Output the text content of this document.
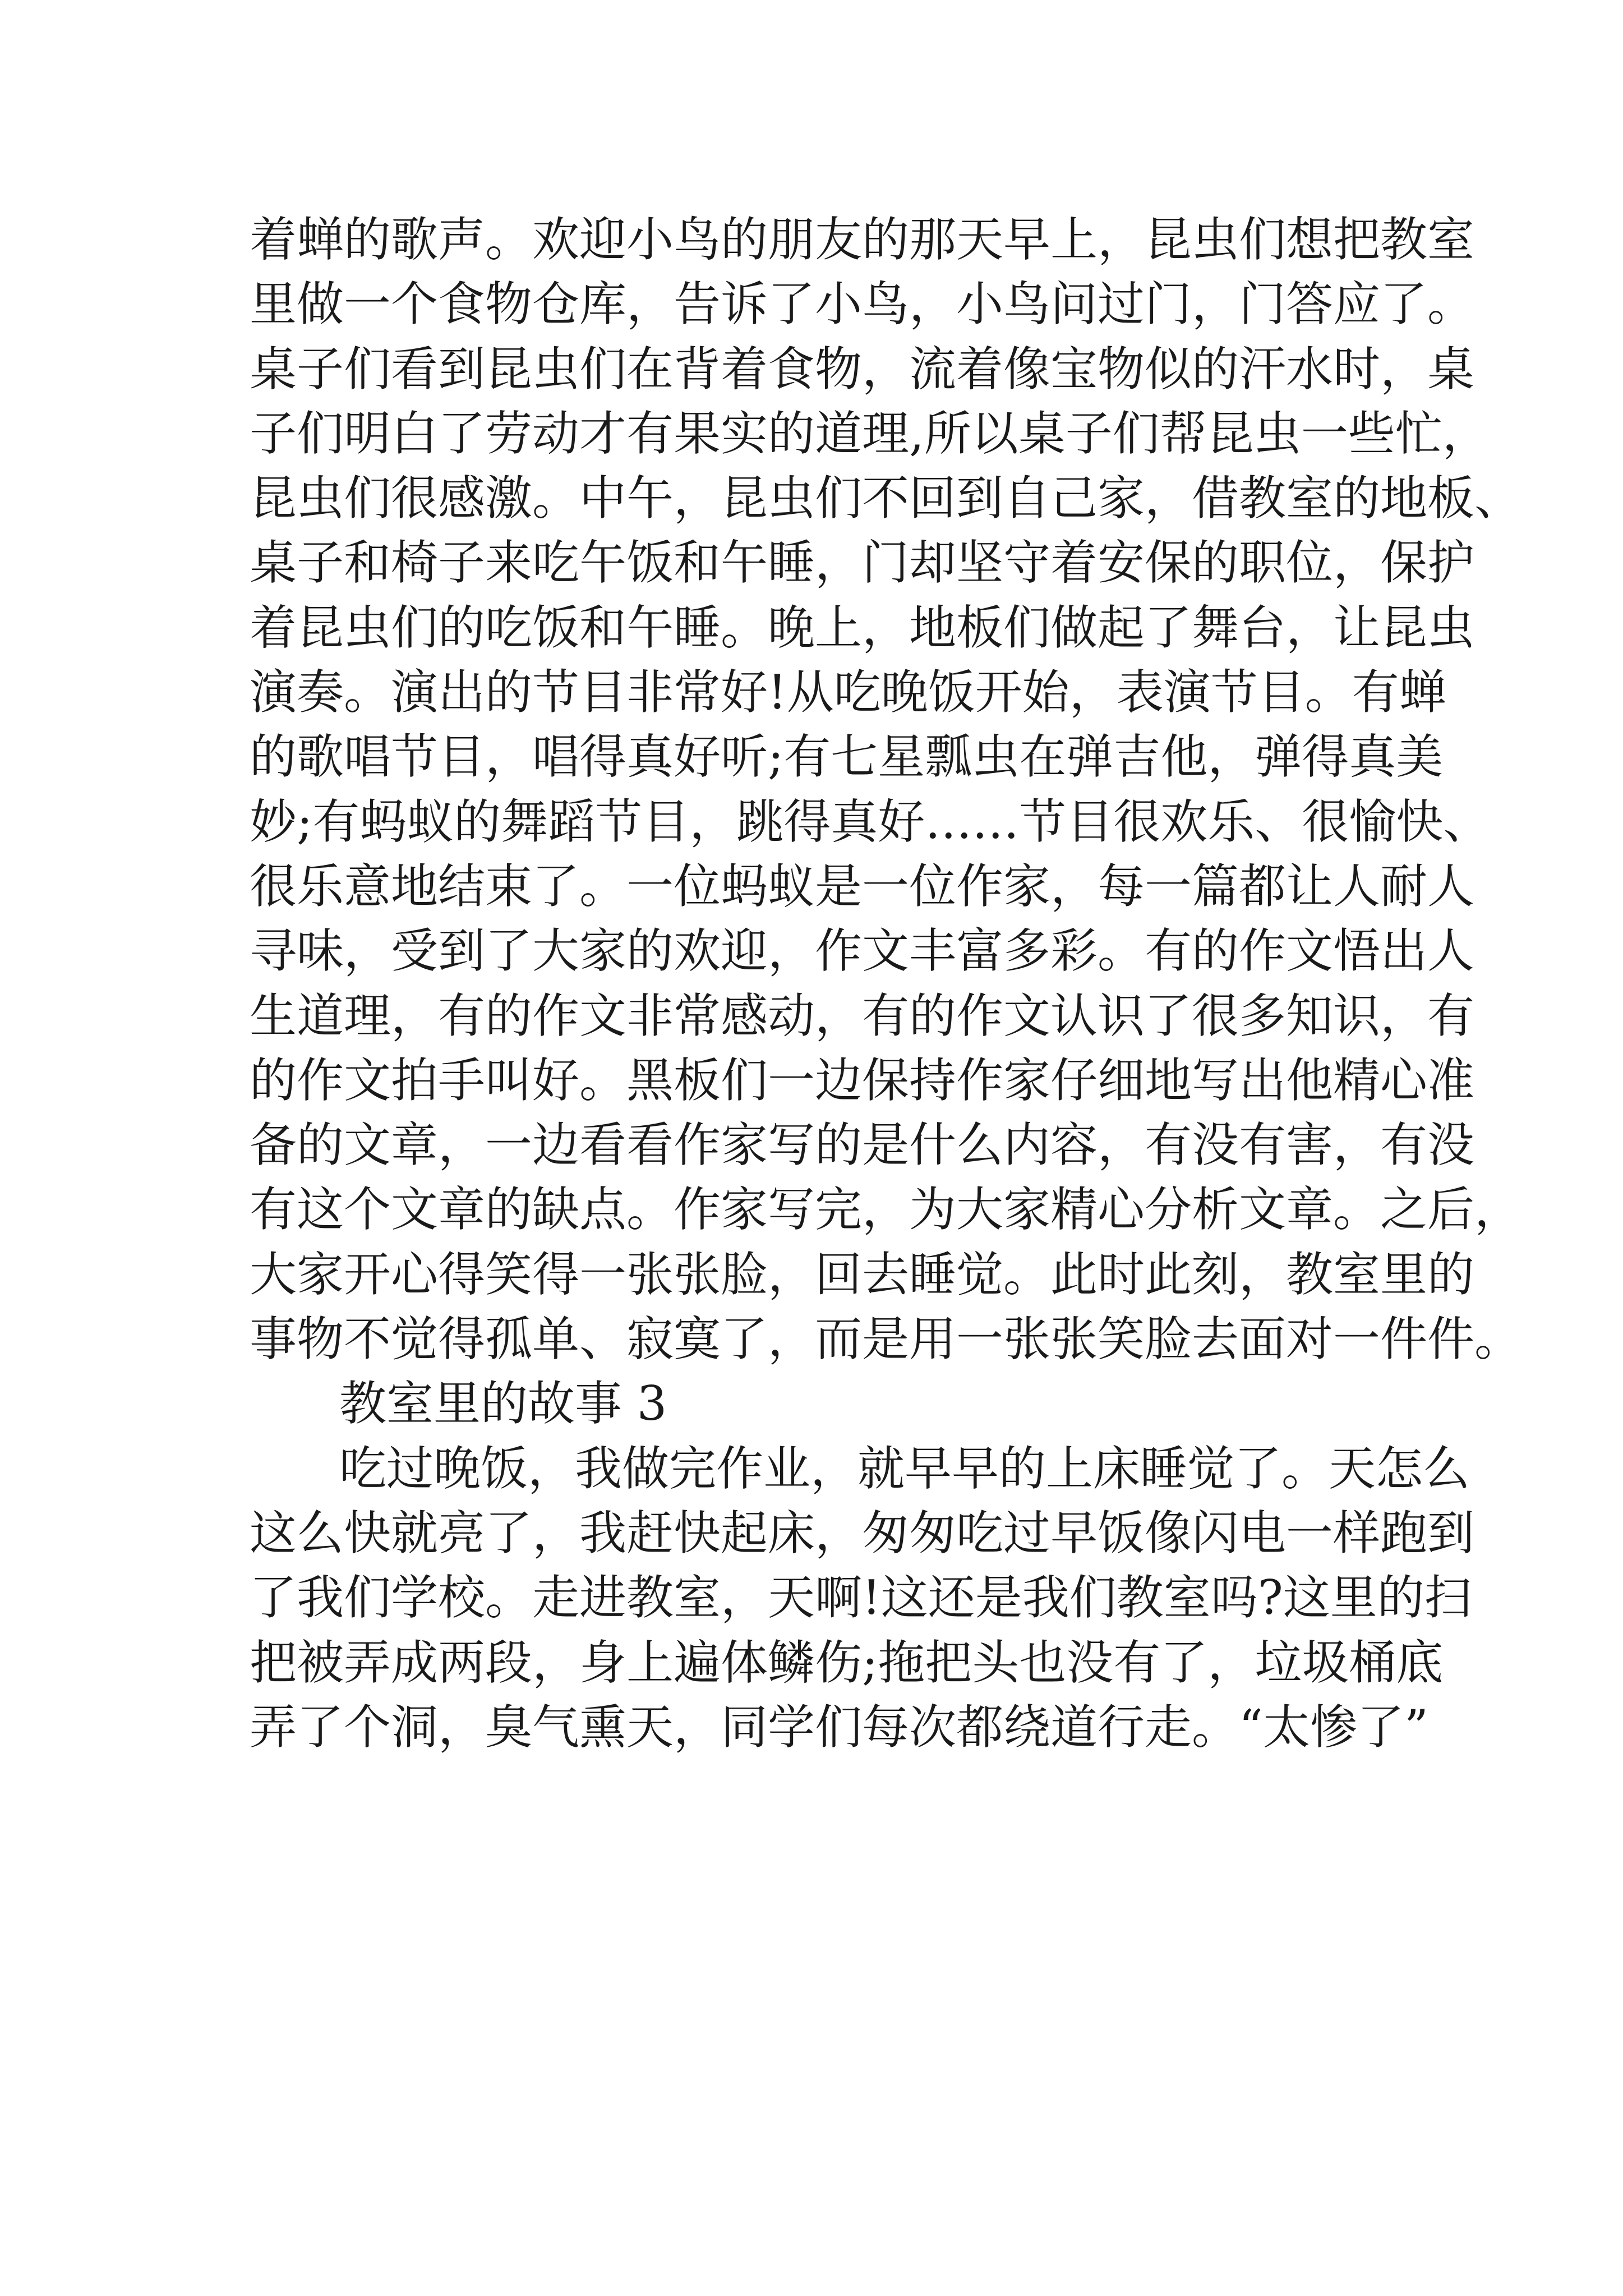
着蝉的歌声。欢迎小鸟的朋友的那天早上，昆虫们想把教室
里做一个食物仓库，告诉了小鸟，小鸟问过门，门答应了。
桌子们看到昆虫们在背着食物，流着像宝物似的汗水时，桌
子们明白了劳动才有果实的道理,所以桌子们帮昆虫一些忙，
昆虫们很感激。中午，昆虫们不回到自己家，借教室的地板、
桌子和椅子来吃午饭和午睡，门却坚守着安保的职位，保护
着昆虫们的吃饭和午睡。晚上，地板们做起了舞台，让昆虫
演奏。演出的节目非常好!从吃晚饭开始，表演节目。有蝉
的歌唱节目，唱得真好听;有七星瓢虫在弹吉他，弹得真美
妙;有蚂蚁的舞蹈节目，跳得真好……节目很欢乐、很愉快、
很乐意地结束了。一位蚂蚁是一位作家，每一篇都让人耐人
寻味，受到了大家的欢迎，作文丰富多彩。有的作文悟出人
生道理，有的作文非常感动，有的作文认识了很多知识，有
的作文拍手叫好。黑板们一边保持作家仔细地写出他精心准
备的文章，一边看看作家写的是什么内容，有没有害，有没
有这个文章的缺点。作家写完，为大家精心分析文章。之后，
大家开心得笑得一张张脸，回去睡觉。此时此刻，教室里的
事物不觉得孤单、寂寞了，而是用一张张笑脸去面对一件件。
教室里的故事 3
吃过晚饭，我做完作业，就早早的上床睡觉了。天怎么
这么快就亮了，我赶快起床，匆匆吃过早饭像闪电一样跑到
了我们学校。走进教室，天啊!这还是我们教室吗?这里的扫
把被弄成两段，身上遍体鳞伤;拖把头也没有了，垃圾桶底
弄了个洞，臭气熏天，同学们每次都绕道行走。“太惨了”
